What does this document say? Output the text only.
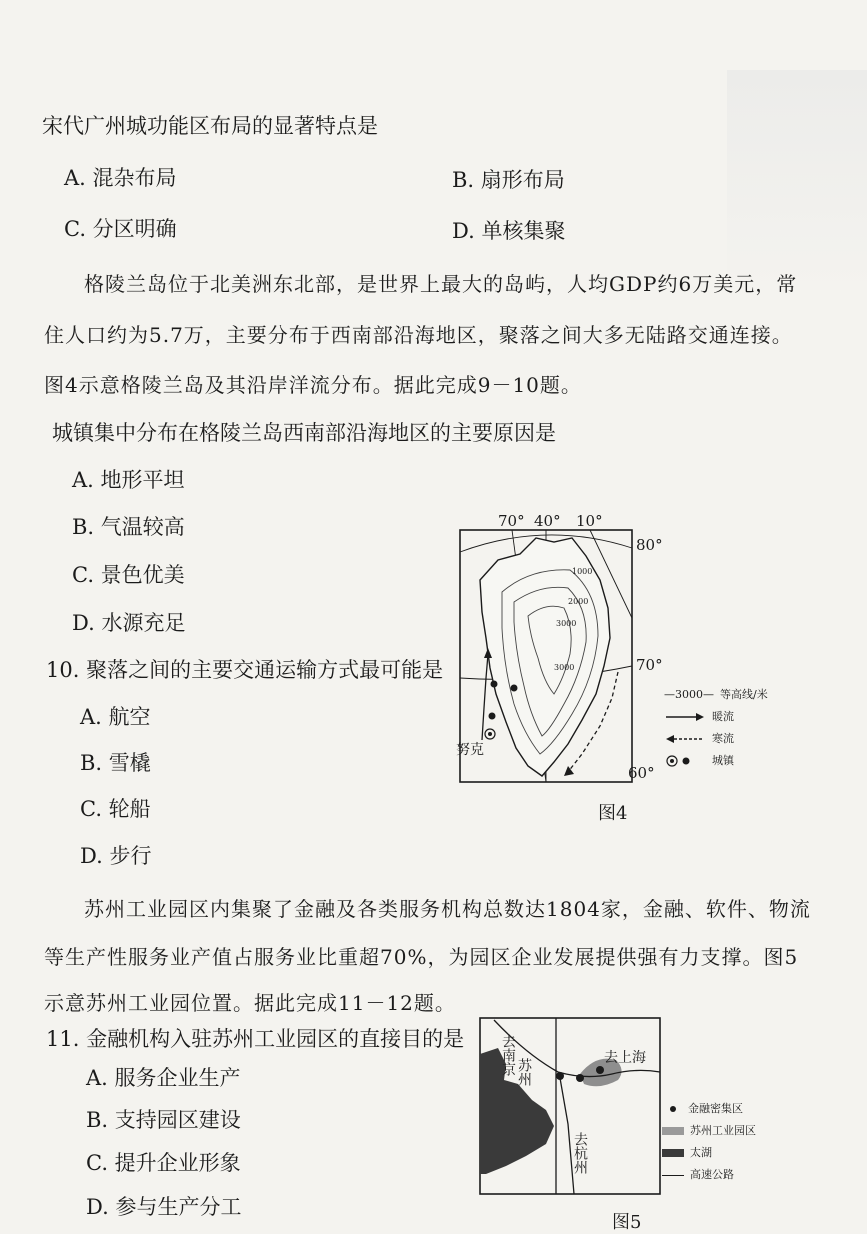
宋代广州城功能区布局的显著特点是
A. 混杂布局	B. 扇形布局
C. 分区明确	D. 单核集聚
格陵兰岛位于北美洲东北部，是世界上最大的岛屿，人均GDP约6万美元，常
住人口约为5.7万，主要分布于西南部沿海地区，聚落之间大多无陆路交通连接。
图4示意格陵兰岛及其沿岸洋流分布。据此完成9－10题。
城镇集中分布在格陵兰岛西南部沿海地区的主要原因是
A. 地形平坦
B. 气温较高
C. 景色优美
D. 水源充足
10. 聚落之间的主要交通运输方式最可能是
A. 航空
B. 雪橇
C. 轮船
D. 步行
1000
2000
3000
3000
努克
70° 40° 10°
80°
70°
60°
—3000— 等高线/米
暖流
寒流
城镇
图4
苏州工业园区内集聚了金融及各类服务机构总数达1804家，金融、软件、物流
等生产性服务业产值占服务业比重超70%，为园区企业发展提供强有力支撑。图5
示意苏州工业园位置。据此完成11－12题。
11. 金融机构入驻苏州工业园区的直接目的是
A. 服务企业生产
B. 支持园区建设
C. 提升企业形象
D. 参与生产分工
去南京 苏州	去上海
去杭州
金融密集区
苏州工业园区
太湖
高速公路
图5
